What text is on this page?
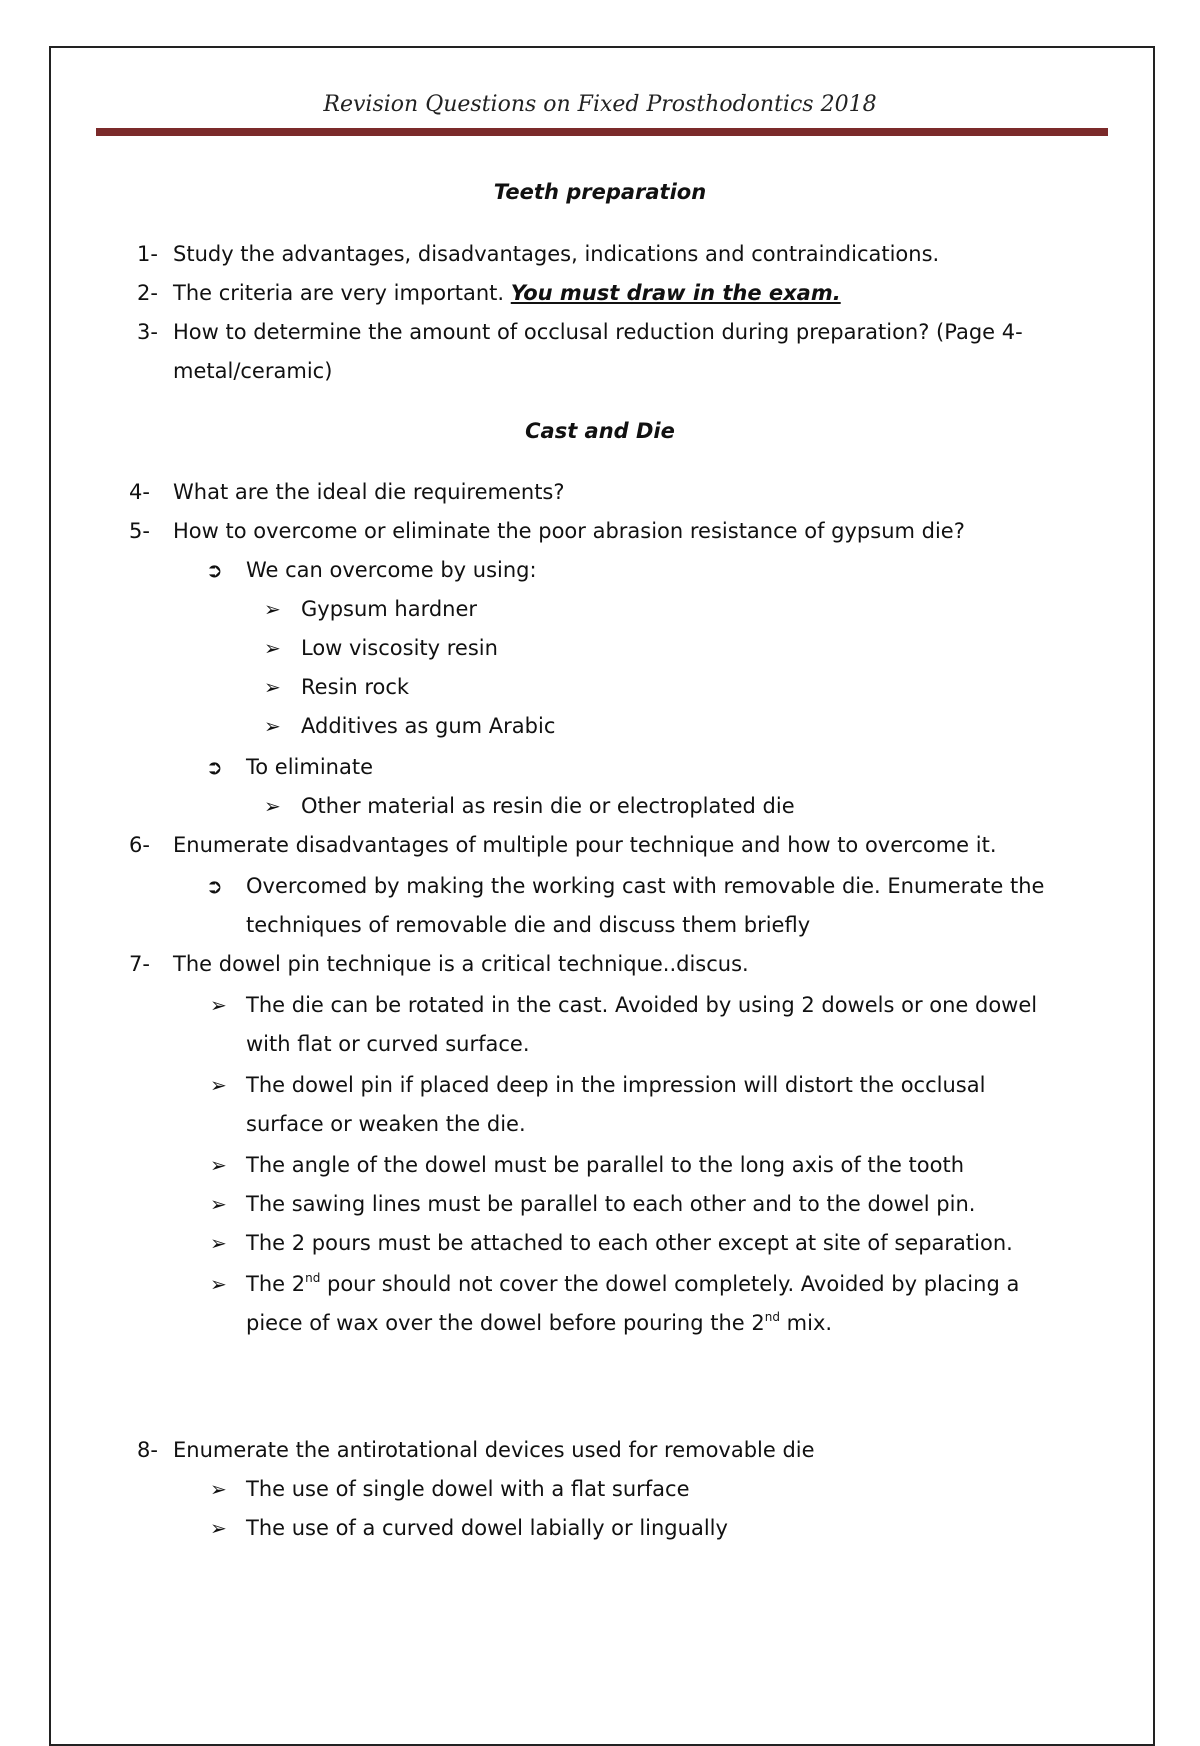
Revision Questions on Fixed Prosthodontics 2018
Teeth preparation
1- Study the advantages, disadvantages, indications and contraindications.
2- The criteria are very important. You must draw in the exam.
3- How to determine the amount of occlusal reduction during preparation? (Page 4-
metal/ceramic)
Cast and Die
4- What are the ideal die requirements?
5- How to overcome or eliminate the poor abrasion resistance of gypsum die?
➲ We can overcome by using:
➢ Gypsum hardner
➢ Low viscosity resin
➢ Resin rock
➢ Additives as gum Arabic
➲ To eliminate
➢ Other material as resin die or electroplated die
6- Enumerate disadvantages of multiple pour technique and how to overcome it.
➲ Overcomed by making the working cast with removable die. Enumerate the
techniques of removable die and discuss them briefly
7- The dowel pin technique is a critical technique..discus.
➢ The die can be rotated in the cast. Avoided by using 2 dowels or one dowel
with flat or curved surface.
➢ The dowel pin if placed deep in the impression will distort the occlusal
surface or weaken the die.
➢ The angle of the dowel must be parallel to the long axis of the tooth
➢ The sawing lines must be parallel to each other and to the dowel pin.
➢ The 2 pours must be attached to each other except at site of separation.
➢ The 2nd pour should not cover the dowel completely. Avoided by placing a
piece of wax over the dowel before pouring the 2nd mix.
8- Enumerate the antirotational devices used for removable die
➢ The use of single dowel with a flat surface
➢ The use of a curved dowel labially or lingually
